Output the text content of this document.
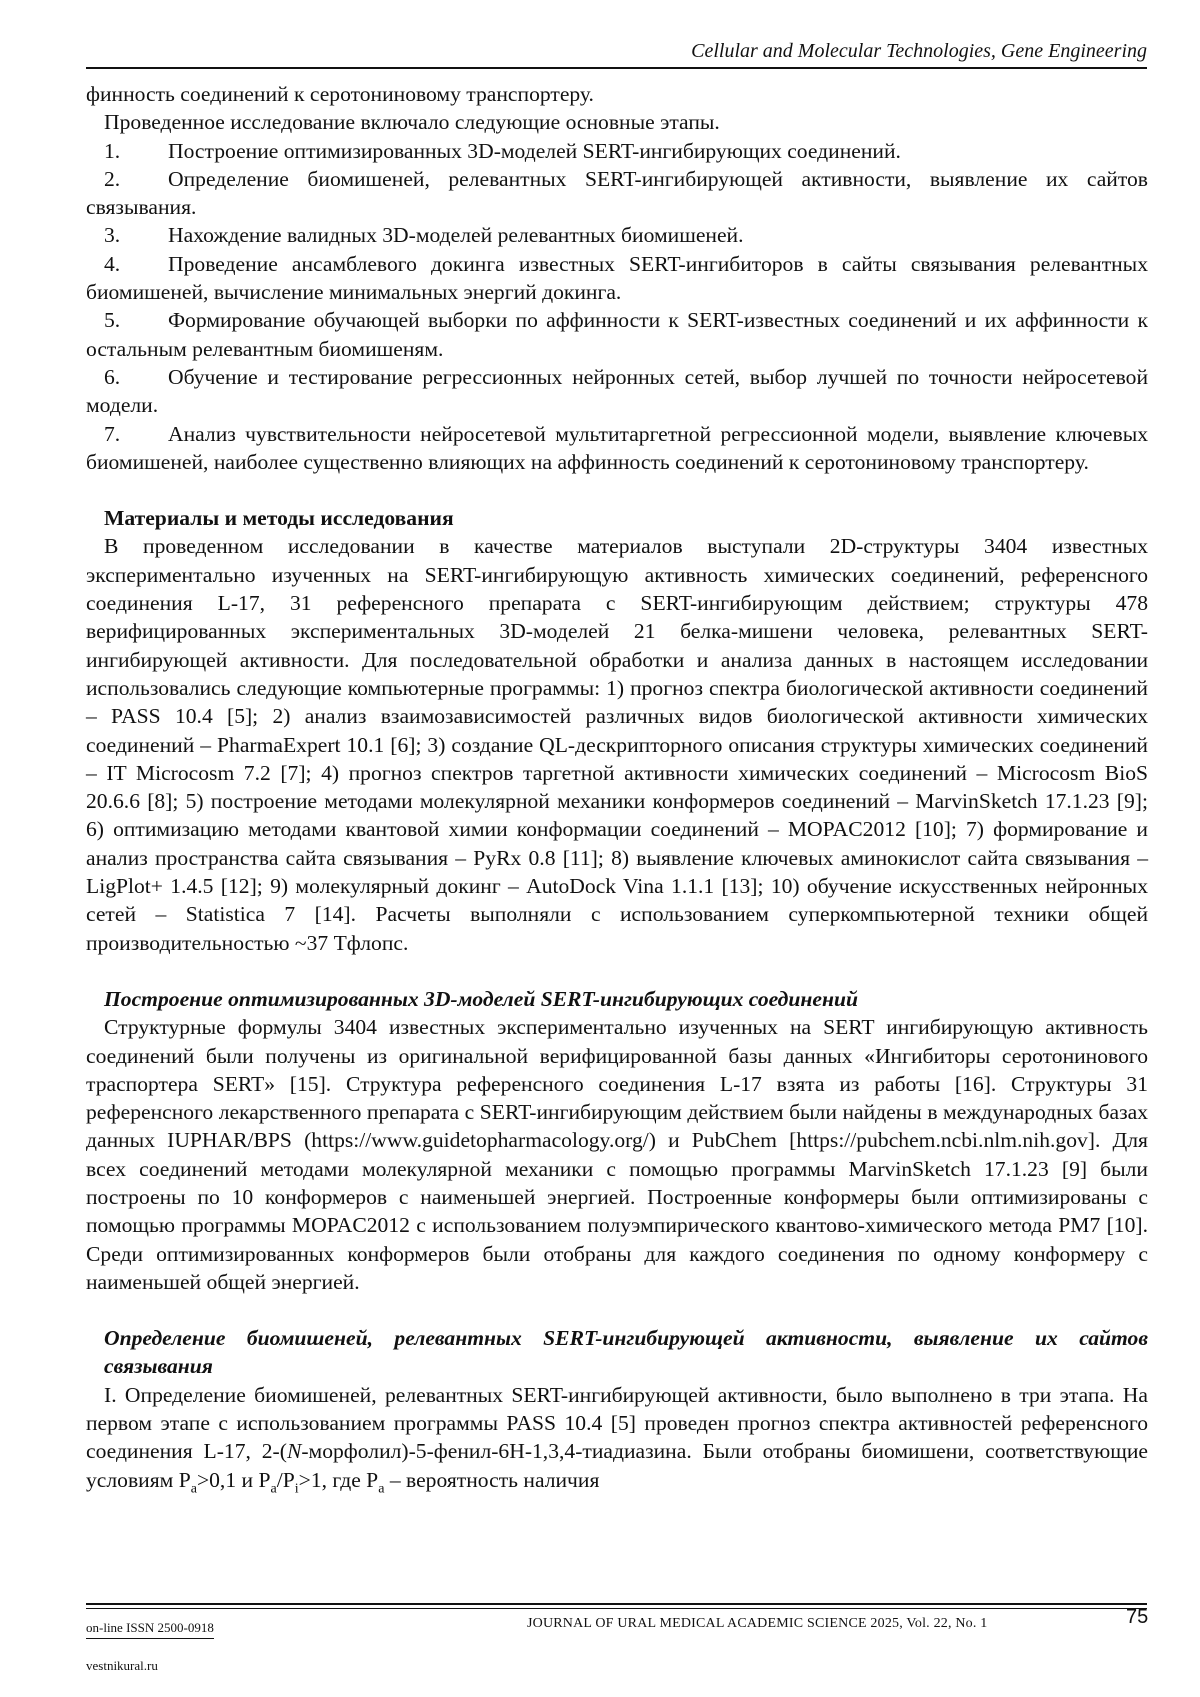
Cellular and Molecular Technologies, Gene Engineering

финность соединений к серотониновому транспортеру.

Проведенное исследование включало следующие основные этапы.

1. Построение оптимизированных 3D-моделей SERT-ингибирующих соединений.
2. Определение биомишеней, релевантных SERT-ингибирующей активности, выявление их сайтов связывания.
3. Нахождение валидных 3D-моделей релевантных биомишеней.
4. Проведение ансамблевого докинга известных SERT-ингибиторов в сайты связывания релевантных биомишеней, вычисление минимальных энергий докинга.
5. Формирование обучающей выборки по аффинности к SERT-известных соединений и их аффинности к остальным релевантным биомишеням.
6. Обучение и тестирование регрессионных нейронных сетей, выбор лучшей по точности нейросетевой модели.
7. Анализ чувствительности нейросетевой мультитаргетной регрессионной модели, выявление ключевых биомишеней, наиболее существенно влияющих на аффинность соединений к серотониновому транспортеру.
Материалы и методы исследования

В проведенном исследовании в качестве материалов выступали 2D-структуры 3404 известных экспериментально изученных на SERT-ингибирующую активность химических соединений, референсного соединения L-17, 31 референсного препарата с SERT-ингибирующим действием; структуры 478 верифицированных экспериментальных 3D-моделей 21 белка-мишени человека, релевантных SERT-ингибирующей активности. Для последовательной обработки и анализа данных в настоящем исследовании использовались следующие компьютерные программы: 1) прогноз спектра биологической активности соединений – PASS 10.4 [5]; 2) анализ взаимозависимостей различных видов биологической активности химических соединений – PharmaExpert 10.1 [6]; 3) создание QL-дескрипторного описания структуры химических соединений – IT Microcosm 7.2 [7]; 4) прогноз спектров таргетной активности химических соединений – Microcosm BioS 20.6.6 [8]; 5) построение методами молекулярной механики конформеров соединений – MarvinSketch 17.1.23 [9]; 6) оптимизацию методами квантовой химии конформации соединений – MOPAC2012 [10]; 7) формирование и анализ пространства сайта связывания – PyRx 0.8 [11]; 8) выявление ключевых аминокислот сайта связывания – LigPlot+ 1.4.5 [12]; 9) молекулярный докинг – AutoDock Vina 1.1.1 [13]; 10) обучение искусственных нейронных сетей – Statistica 7 [14]. Расчеты выполняли с использованием суперкомпьютерной техники общей производительностью ~37 Тфлопс.

Построение оптимизированных 3D-моделей SERT-ингибирующих соединений

Структурные формулы 3404 известных экспериментально изученных на SERT ингибирующую активность соединений были получены из оригинальной верифицированной базы данных «Ингибиторы серотонинового траспортера SERT» [15]. Структура референсного соединения L-17 взята из работы [16]. Структуры 31 референсного лекарственного препарата с SERT-ингибирующим действием были найдены в международных базах данных IUPHAR/BPS (https://www.guidetopharmacology.org/) и PubChem [https://pubchem.ncbi.nlm.nih.gov]. Для всех соединений методами молекулярной механики с помощью программы MarvinSketch 17.1.23 [9] были построены по 10 конформеров с наименьшей энергией. Построенные конформеры были оптимизированы с помощью программы MOPAC2012 с использованием полуэмпирического квантово-химического метода PM7 [10]. Среди оптимизированных конформеров были отобраны для каждого соединения по одному конформеру с наименьшей общей энергией.

Определение биомишеней, релевантных SERT-ингибирующей активности, выявление их сайтов связывания

I. Определение биомишеней, релевантных SERT-ингибирующей активности, было выполнено в три этапа. На первом этапе с использованием программы PASS 10.4 [5] проведен прогноз спектра активностей референсного соединения L-17, 2-(N-морфолил)-5-фенил-6H-1,3,4-тиадиазина. Были отобраны биомишени, соответствующие условиям $P_a>0,1$ и $P_a/P_i>1$, где $P_a$ – вероятность наличия

on-line ISSN 2500-0918	JOURNAL OF URAL MEDICAL ACADEMIC SCIENCE 2025, Vol. 22, No. 1	75
vestnikural.ru
